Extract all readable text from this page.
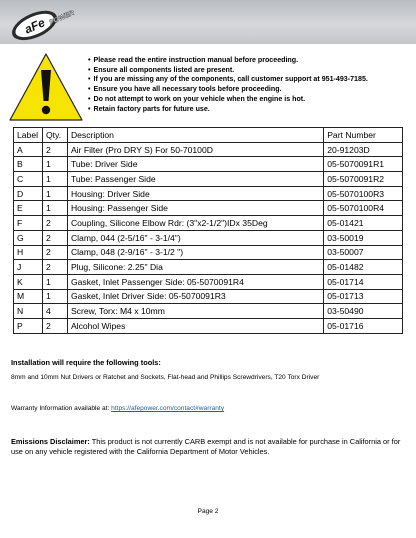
aFe POWER
• Please read the entire instruction manual before proceeding.
• Ensure all components listed are present.
• If you are missing any of the components, call customer support at 951-493-7185.
• Ensure you have all necessary tools before proceeding.
• Do not attempt to work on your vehicle when the engine is hot.
• Retain factory parts for future use.
Label	Qty.	Description	Part Number
A	2	Air Filter (Pro DRY S) For 50-70100D	20-91203D
B	1	Tube: Driver Side	05-5070091R1
C	1	Tube: Passenger Side	05-5070091R2
D	1	Housing: Driver Side	05-5070100R3
E	1	Housing: Passenger Side	05-5070100R4
F	2	Coupling, Silicone Elbow Rdr: (3"x2-1/2")IDx 35Deg	05-01421
G	2	Clamp, 044 (2-5/16" - 3-1/4")	03-50019
H	2	Clamp, 048 (2-9/16" - 3-1/2 ")	03-50007
J	2	Plug, Silicone: 2.25" Dia	05-01482
K	1	Gasket, Inlet Passenger Side: 05-5070091R4	05-01714
M	1	Gasket, Inlet Driver Side: 05-5070091R3	05-01713
N	4	Screw, Torx: M4 x 10mm	03-50490
P	2	Alcohol Wipes	05-01716
Installation will require the following tools:
8mm and 10mm Nut Drivers or Ratchet and Sockets, Flat-head and Phillips Screwdrivers, T20 Torx Driver
Warranty Information available at: https://afepower.com/contact#warranty
Emissions Disclaimer: This product is not currently CARB exempt and is not available for purchase in California or for use on any vehicle registered with the California Department of Motor Vehicles.
Page 2
